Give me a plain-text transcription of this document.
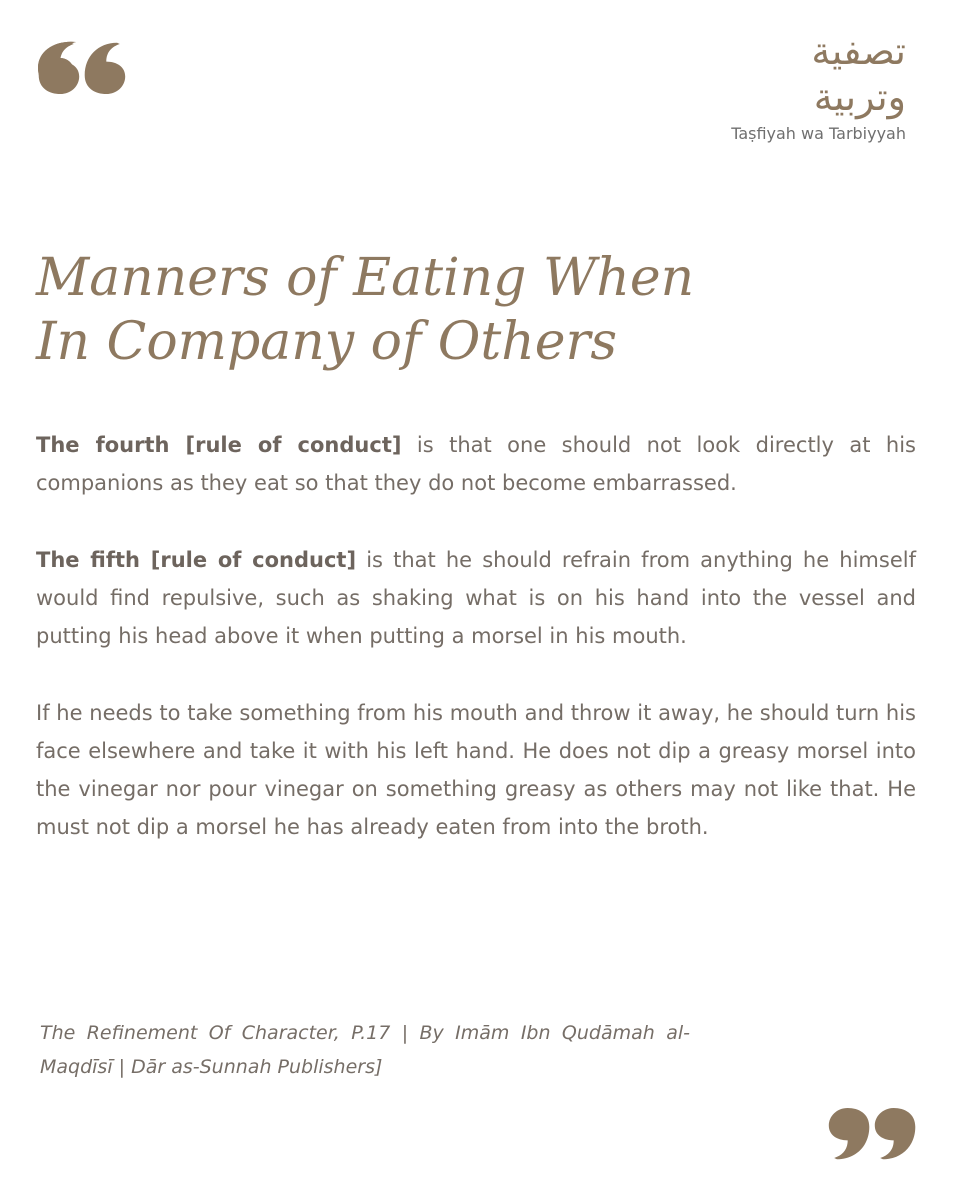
تصفية
وتربية
Taṣfiyah wa Tarbiyyah
Manners of Eating When
In Company of Others

The fourth [rule of conduct] is that one should not look directly at his companions as they eat so that they do not become embarrassed.

The fifth [rule of conduct] is that he should refrain from anything he himself would find repulsive, such as shaking what is on his hand into the vessel and putting his head above it when putting a morsel in his mouth.

If he needs to take something from his mouth and throw it away, he should turn his face elsewhere and take it with his left hand. He does not dip a greasy morsel into the vinegar nor pour vinegar on something greasy as others may not like that. He must not dip a morsel he has already eaten from into the broth.

The Refinement Of Character, P.17 | By Imām Ibn Qudāmah al-Maqdīsī | Dār as-Sunnah Publishers]
